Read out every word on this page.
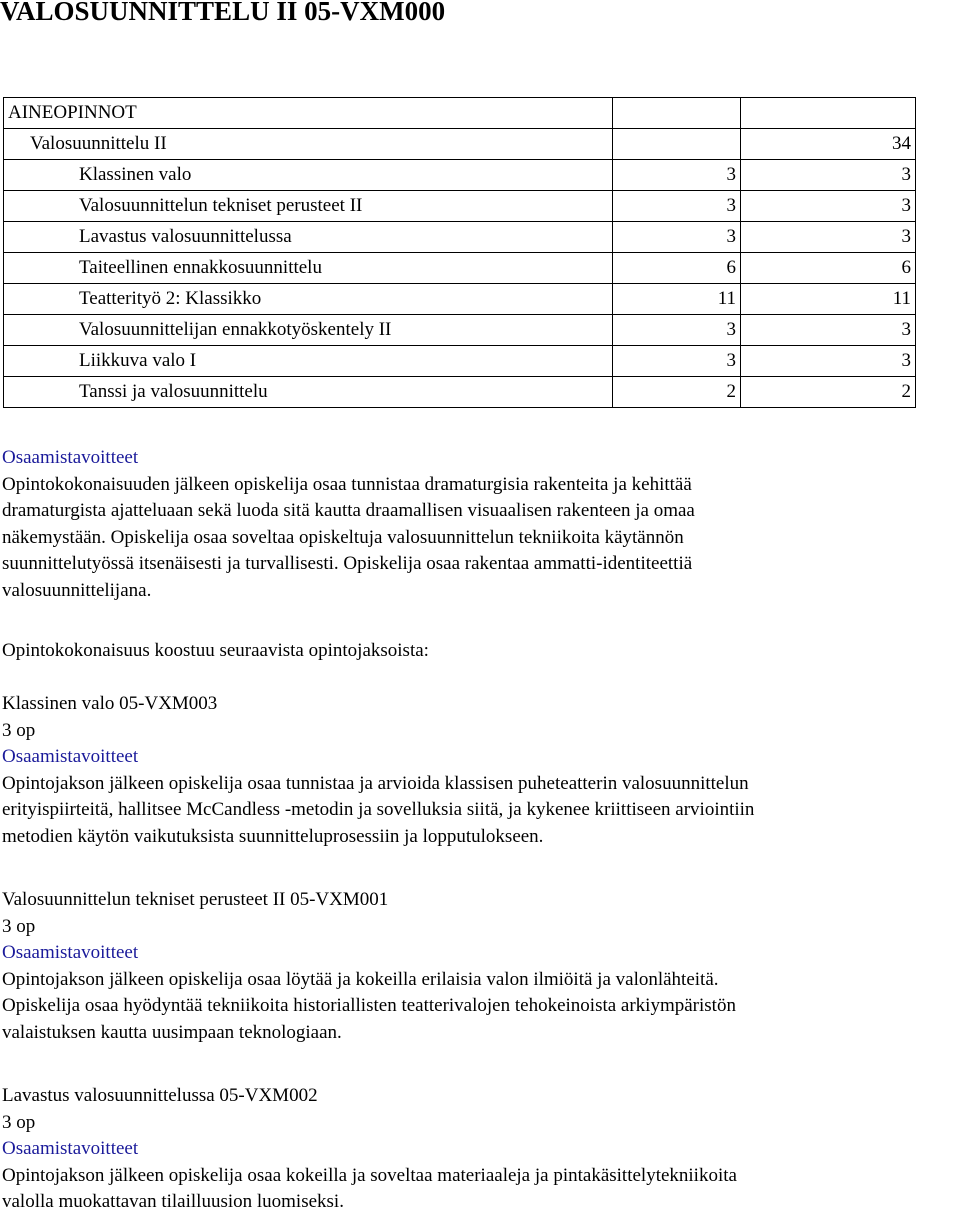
VALOSUUNNITTELU II 05-VXM000
AINEOPINNOT		
Valosuunnittelu II		34
Klassinen valo	3	3
Valosuunnittelun tekniset perusteet II	3	3
Lavastus valosuunnittelussa	3	3
Taiteellinen ennakkosuunnittelu	6	6
Teatterityö 2: Klassikko	11	11
Valosuunnittelijan ennakkotyöskentely II	3	3
Liikkuva valo I	3	3
Tanssi ja valosuunnittelu	2	2

Osaamistavoitteet

Opintokokonaisuuden jälkeen opiskelija osaa tunnistaa dramaturgisia rakenteita ja kehittää

dramaturgista ajatteluaan sekä luoda sitä kautta draamallisen visuaalisen rakenteen ja omaa

näkemystään. Opiskelija osaa soveltaa opiskeltuja valosuunnittelun tekniikoita käytännön

suunnittelutyössä itsenäisesti ja turvallisesti. Opiskelija osaa rakentaa ammatti-identiteettiä

valosuunnittelijana.

Opintokokonaisuus koostuu seuraavista opintojaksoista:

Klassinen valo 05-VXM003

3 op

Osaamistavoitteet

Opintojakson jälkeen opiskelija osaa tunnistaa ja arvioida klassisen puheteatterin valosuunnittelun

erityispiirteitä, hallitsee McCandless -metodin ja sovelluksia siitä, ja kykenee kriittiseen arviointiin

metodien käytön vaikutuksista suunnitteluprosessiin ja lopputulokseen.

Valosuunnittelun tekniset perusteet II 05-VXM001

3 op

Osaamistavoitteet

Opintojakson jälkeen opiskelija osaa löytää ja kokeilla erilaisia valon ilmiöitä ja valonlähteitä.

Opiskelija osaa hyödyntää tekniikoita historiallisten teatterivalojen tehokeinoista arkiympäristön

valaistuksen kautta uusimpaan teknologiaan.

Lavastus valosuunnittelussa 05-VXM002

3 op

Osaamistavoitteet

Opintojakson jälkeen opiskelija osaa kokeilla ja soveltaa materiaaleja ja pintakäsittelytekniikoita

valolla muokattavan tilailluusion luomiseksi.
